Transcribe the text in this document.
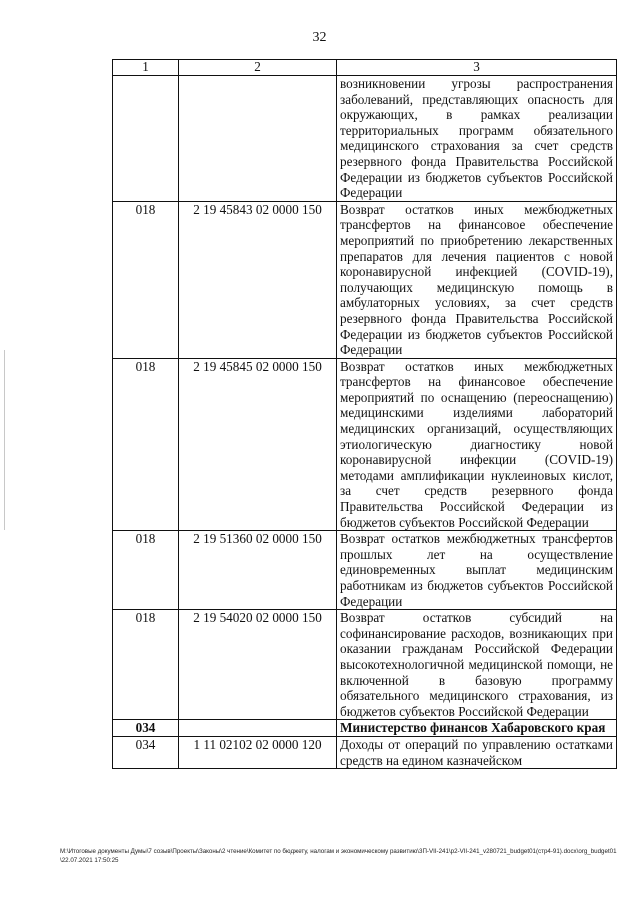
32
1	2	3
		возникновении угрозы распространения заболеваний, представляющих опасность для окружающих, в рамках реализации территориальных программ обязательного медицинского страхования за счет средств резервного фонда Правительства Российской Федерации из бюджетов субъектов Российской Федерации
018	2 19 45843 02 0000 150	Возврат остатков иных межбюджетных трансфертов на финансовое обеспечение мероприятий по приобретению лекарственных препаратов для лечения пациентов с новой коронавирусной инфекцией (COVID-19), получающих медицинскую помощь в амбулаторных условиях, за счет средств резервного фонда Правительства Российской Федерации из бюджетов субъектов Российской Федерации
018	2 19 45845 02 0000 150	Возврат остатков иных межбюджетных трансфертов на финансовое обеспечение мероприятий по оснащению (переоснащению) медицинскими изделиями лабораторий медицинских организаций, осуществляющих этиологическую диагностику новой коронавирусной инфекции (COVID-19) методами амплификации нуклеиновых кислот, за счет средств резервного фонда Правительства Российской Федерации из бюджетов субъектов Российской Федерации
018	2 19 51360 02 0000 150	Возврат остатков межбюджетных трансфертов прошлых лет на осуществление единовременных выплат медицинским работникам из бюджетов субъектов Российской Федерации
018	2 19 54020 02 0000 150	Возврат остатков субсидий на софинансирование расходов, возникающих при оказании гражданам Российской Федерации высокотехнологичной медицинской помощи, не включенной в базовую программу обязательного медицинского страхования, из бюджетов субъектов Российской Федерации
034		Министерство финансов Хабаровского края
034	1 11 02102 02 0000 120	Доходы от операций по управлению остатками средств на едином казначейском
M:\Итоговые документы Думы\7 созыв\Проекты\Законы\2 чтение\Комитет по бюджету, налогам и экономическому развитию\3П-VII-241\p2-VII-241_v280721_budget01(стр4-91).docx\org_budget01\22.07.2021 17:50:25
